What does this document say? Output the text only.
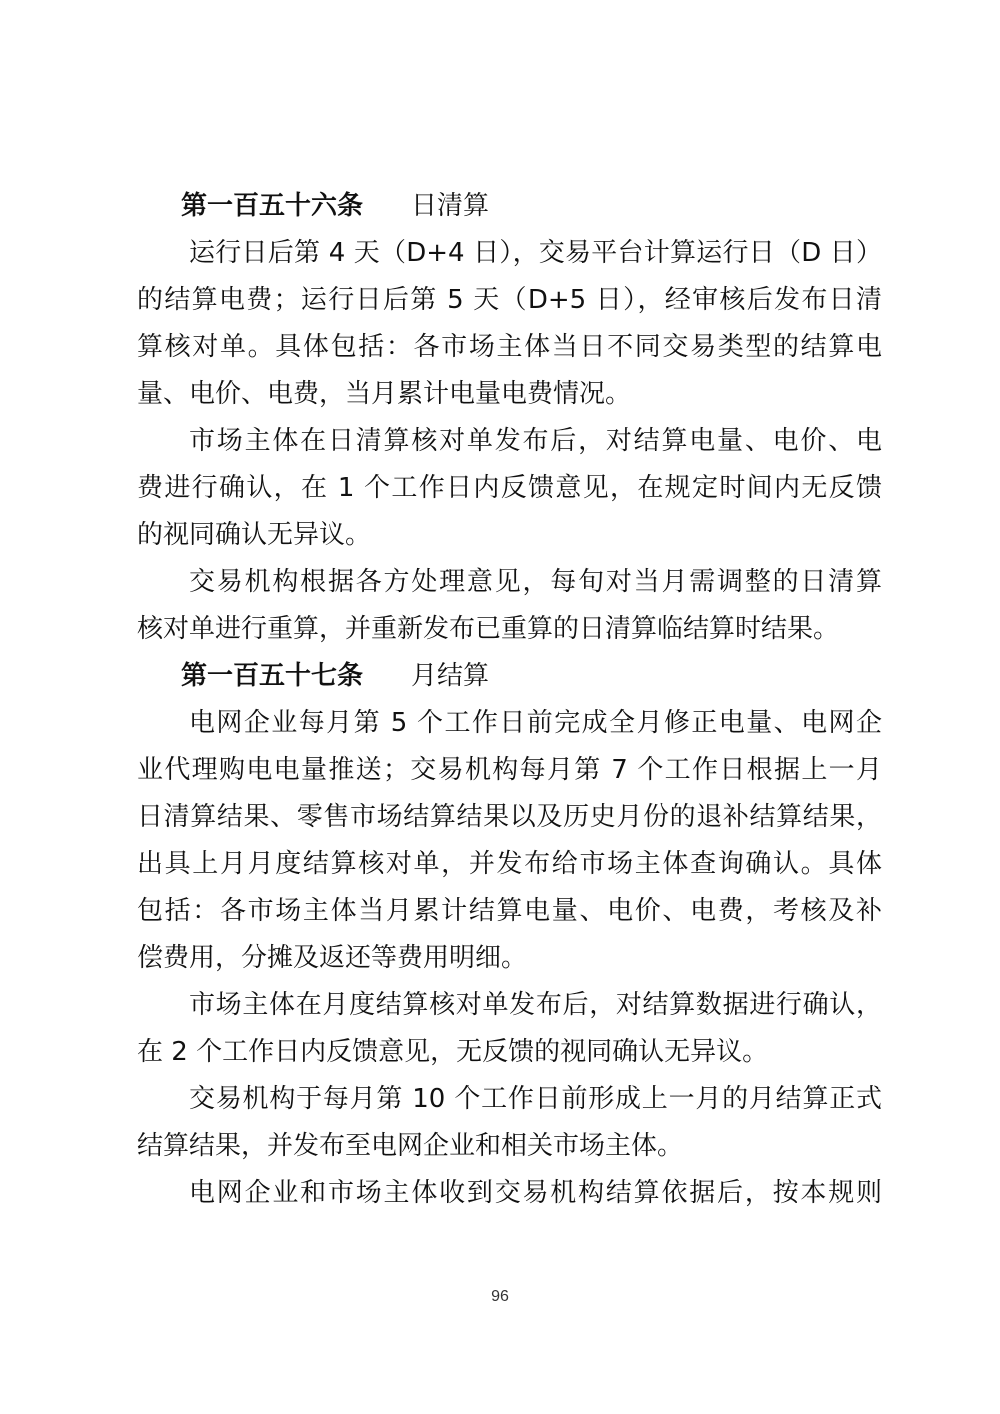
第一百五十六条 日清算
运行日后第 4 天（D+4 日），交易平台计算运行日（D 日）
的结算电费；运行日后第 5 天（D+5 日），经审核后发布日清
算核对单。具体包括：各市场主体当日不同交易类型的结算电
量、电价、电费，当月累计电量电费情况。
市场主体在日清算核对单发布后，对结算电量、电价、电
费进行确认，在 1 个工作日内反馈意见，在规定时间内无反馈
的视同确认无异议。
交易机构根据各方处理意见，每旬对当月需调整的日清算
核对单进行重算，并重新发布已重算的日清算临结算时结果。
第一百五十七条 月结算
电网企业每月第 5 个工作日前完成全月修正电量、电网企
业代理购电电量推送；交易机构每月第 7 个工作日根据上一月
日清算结果、零售市场结算结果以及历史月份的退补结算结果，
出具上月月度结算核对单，并发布给市场主体查询确认。具体
包括：各市场主体当月累计结算电量、电价、电费，考核及补
偿费用，分摊及返还等费用明细。
市场主体在月度结算核对单发布后，对结算数据进行确认，
在 2 个工作日内反馈意见，无反馈的视同确认无异议。
交易机构于每月第 10 个工作日前形成上一月的月结算正式
结算结果，并发布至电网企业和相关市场主体。
电网企业和市场主体收到交易机构结算依据后，按本规则
96
